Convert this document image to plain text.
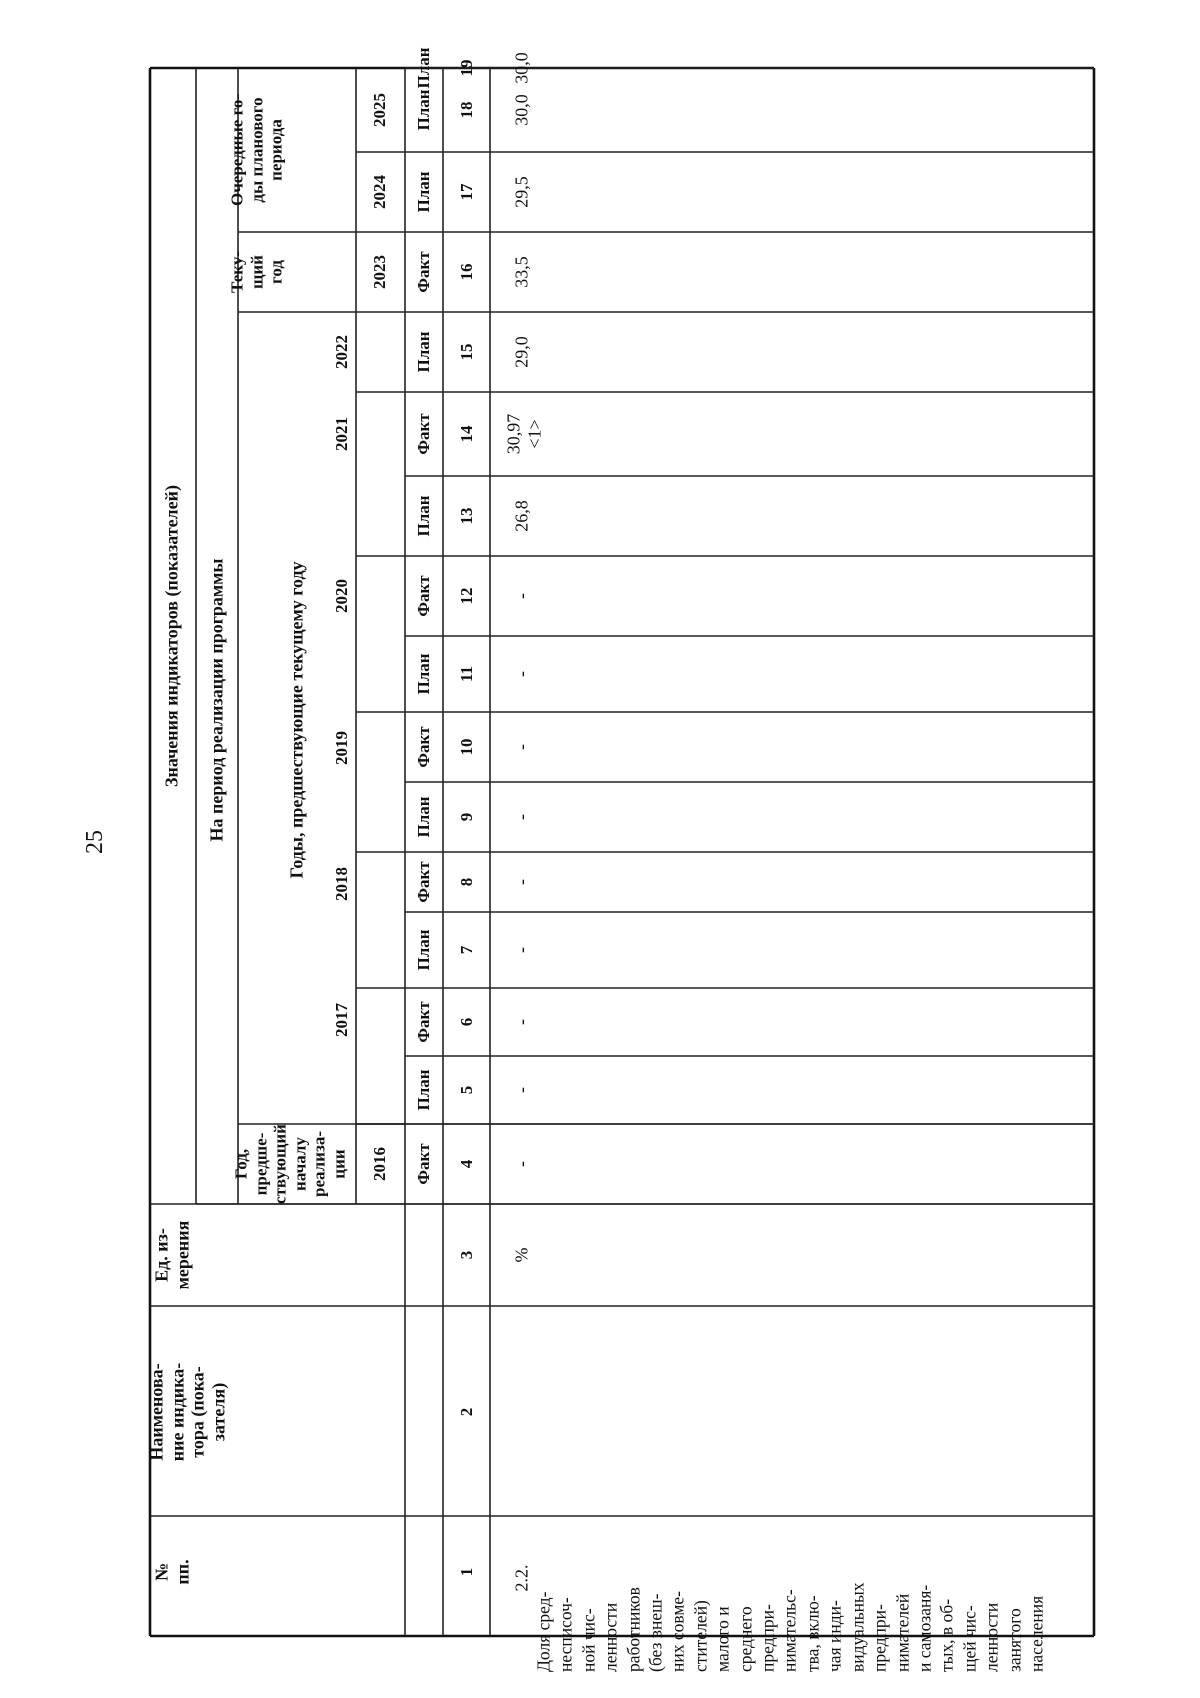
25
№ пп.
Наименова- ние индика- тора (пока- зателя)
Ед. из- мерения
Значения индикаторов (показателей) На период реализации программы
Год, предше- ствующий началу реализа- ции
Годы, предшествующие текущему году
Теку- щий год
Очередные го- ды планового периода
2016
2017
2018
2019
2020
2021
2022
2023
2024
2025
Факт
План
Факт
План
Факт
План
Факт
План
Факт
План
Факт
План
Факт
План
План
План
1
2
3
4
5
6
7
8
9
10
11
12
13
14
15
16
17
18
19
2.2.
Доля сред- несписоч- ной чис- ленности работников (без внеш- них совме- стителей) малого и среднего предпри- нимательс- тва, вклю- чая инди- видуальных предпри- нимателей и самозаня- тых, в об- щей чис- ленности занятого населения
%
-
-
-
-
-
-
-
-
-
26,8
30,97 <1>
29,0
33,5
29,5
30,0
30,0
